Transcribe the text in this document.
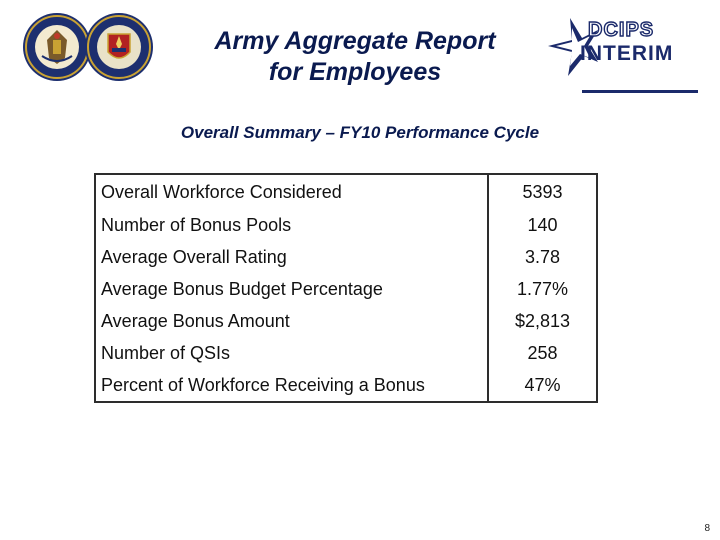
Army Aggregate Report
for Employees
DCIPS
INTERIM
Overall Summary – FY10 Performance Cycle
Overall Workforce Considered	5393
Number of Bonus Pools	140
Average Overall Rating	3.78
Average Bonus Budget Percentage	1.77%
Average Bonus Amount	$2,813
Number of QSIs	258
Percent of Workforce Receiving a Bonus	47%
8
